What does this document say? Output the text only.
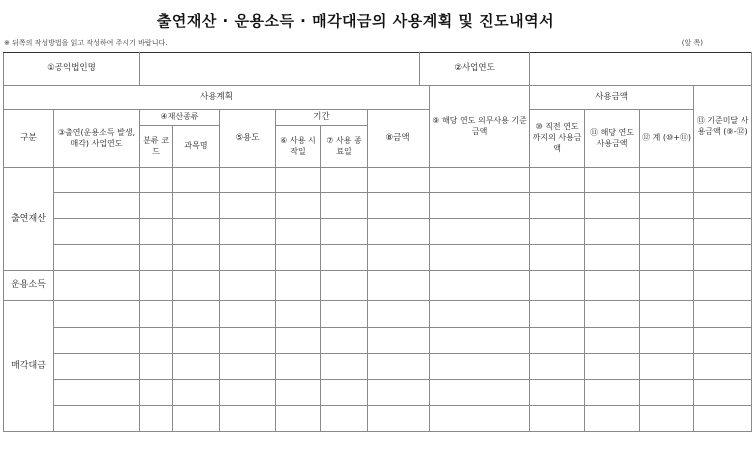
출연재산 · 운용소득 · 매각대금의 사용계획 및 진도내역서
※ 뒤쪽의 작성방법을 읽고 작성하여 주시기 바랍니다.	(앞 쪽)
①공익법인명									②사업연도					
사용계획										⑨ 해당 연도 의무사용 기준금액	사용금액			⑬ 기준미달 사용금액 (⑨-⑫)
구분	③출연(운용소득 발생, 매각) 사업연도	④재산종류		⑤용도	기간			⑧금액			⑩ 직전 연도 까지의 사용금액	⑪ 해당 연도 사용금액	⑫ 계 (⑩+⑪)	
		분류 코드	과목명		⑥ 사용 시작일	⑦ 사용 종료일								
출연재산														

운용소득														
매각대금														
